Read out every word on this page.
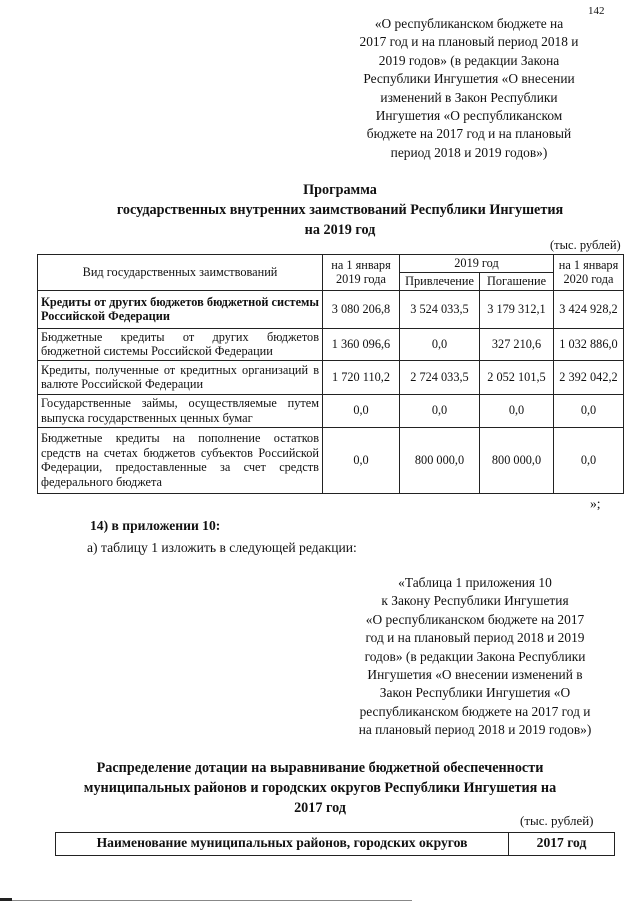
142
«О республиканском бюджете на
2017 год и на плановый период 2018 и
2019 годов» (в редакции Закона
Республики Ингушетия «О внесении
изменений в Закон Республики
Ингушетия «О республиканском
бюджете на 2017 год и на плановый
период 2018 и 2019 годов»)
Программа
государственных внутренних заимствований Республики Ингушетия
на 2019 год
(тыс. рублей)
Вид государственных заимствований	на 1 января 2019 года	2019 год		на 1 января 2020 года
		Привлечение	Погашение	
Кредиты от других бюджетов бюджетной системы Российской Федерации	3 080 206,8	3 524 033,5	3 179 312,1	3 424 928,2
Бюджетные кредиты от других бюджетов бюджетной системы Российской Федерации	1 360 096,6	0,0	327 210,6	1 032 886,0
Кредиты, полученные от кредитных организаций в валюте Российской Федерации	1 720 110,2	2 724 033,5	2 052 101,5	2 392 042,2
Государственные займы, осуществляемые путем выпуска государственных ценных бумаг	0,0	0,0	0,0	0,0
Бюджетные кредиты на пополнение остатков средств на счетах бюджетов субъектов Российской Федерации, предоставленные за счет средств федерального бюджета	0,0	800 000,0	800 000,0	0,0
»;
14) в приложении 10:
а) таблицу 1 изложить в следующей редакции:
«Таблица 1 приложения 10
к Закону Республики Ингушетия
«О республиканском бюджете на 2017
год и на плановый период 2018 и 2019
годов» (в редакции Закона Республики
Ингушетия «О внесении изменений в
Закон Республики Ингушетия «О
республиканском бюджете на 2017 год и
на плановый период 2018 и 2019 годов»)
Распределение дотации на выравнивание бюджетной обеспеченности
муниципальных районов и городских округов Республики Ингушетия на
2017 год
(тыс. рублей)
Наименование муниципальных районов, городских округов	2017 год
